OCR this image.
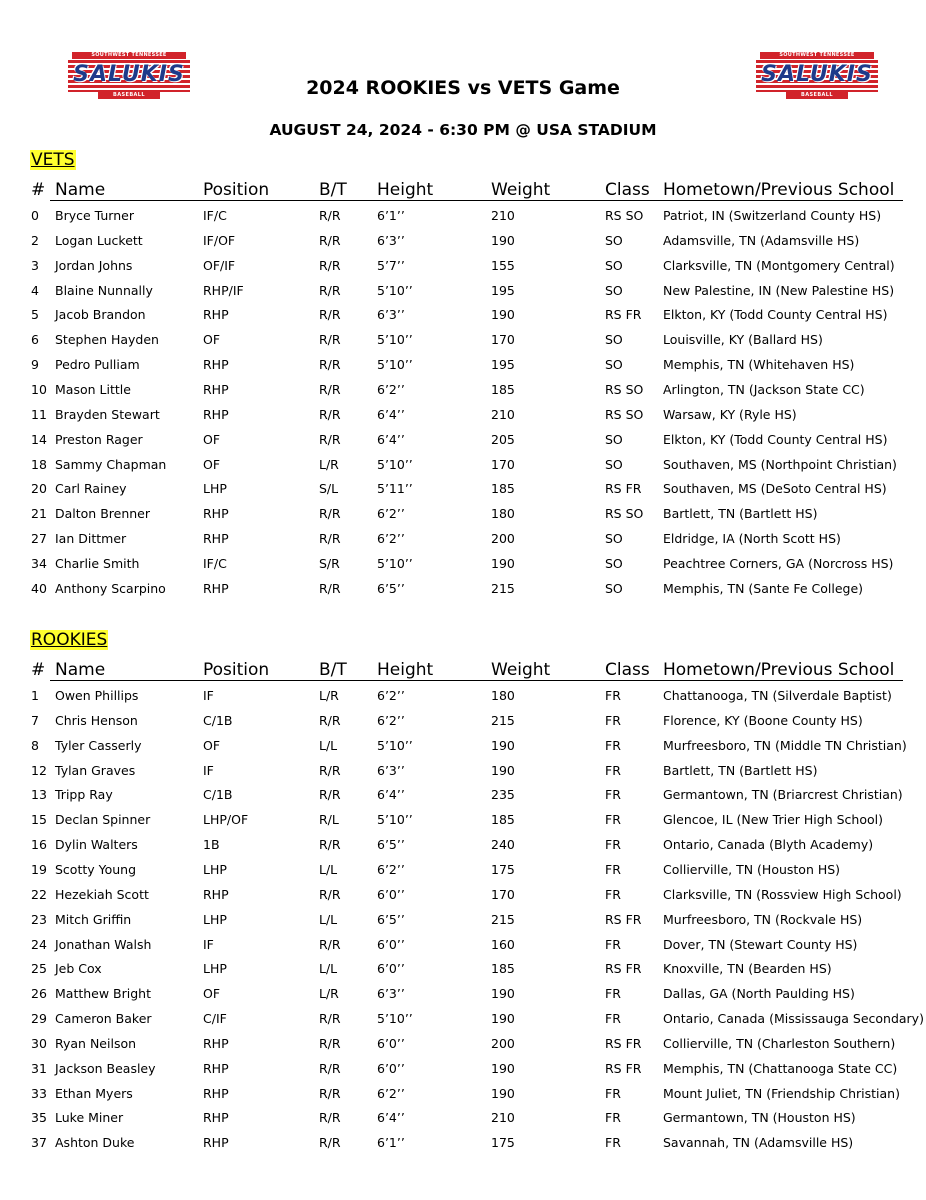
SOUTHWEST TENNESSEE
SALUKIS
BASEBALL
SOUTHWEST TENNESSEE
SALUKIS
BASEBALL
2024 ROOKIES vs VETS Game
AUGUST 24, 2024 - 6:30 PM @ USA STADIUM
VETS
# Name	Position	B/T Height	Weight	Class Hometown/Previous School
0 Bryce Turner	IF/C	R/R	6’1’’	210	RS SO Patriot, IN (Switzerland County HS)
2 Logan Luckett	IF/OF	R/R	6’3’’	190	SO	Adamsville, TN (Adamsville HS)
3 Jordan Johns	OF/IF	R/R	5’7’’	155	SO	Clarksville, TN (Montgomery Central)
4 Blaine Nunnally	RHP/IF	R/R	5’10’’	195	SO	New Palestine, IN (New Palestine HS)
5 Jacob Brandon	RHP	R/R	6’3’’	190	RS FR Elkton, KY (Todd County Central HS)
6 Stephen Hayden	OF	R/R	5’10’’	170	SO	Louisville, KY (Ballard HS)
9 Pedro Pulliam	RHP	R/R	5’10’’	195	SO	Memphis, TN (Whitehaven HS)
10 Mason Little	RHP	R/R	6’2’’	185	RS SO Arlington, TN (Jackson State CC)
11 Brayden Stewart	RHP	R/R	6’4’’	210	RS SO Warsaw, KY (Ryle HS)
14 Preston Rager	OF	R/R	6’4’’	205	SO	Elkton, KY (Todd County Central HS)
18 Sammy Chapman	OF	L/R	5’10’’	170	SO	Southaven, MS (Northpoint Christian)
20 Carl Rainey	LHP	S/L	5’11’’	185	RS FR Southaven, MS (DeSoto Central HS)
21 Dalton Brenner	RHP	R/R	6’2’’	180	RS SO Bartlett, TN (Bartlett HS)
27 Ian Dittmer	RHP	R/R	6’2’’	200	SO	Eldridge, IA (North Scott HS)
34 Charlie Smith	IF/C	S/R	5’10’’	190	SO	Peachtree Corners, GA (Norcross HS)
40 Anthony Scarpino	RHP	R/R	6’5’’	215	SO	Memphis, TN (Sante Fe College)
ROOKIES
# Name	Position	B/T Height	Weight	Class Hometown/Previous School
1 Owen Phillips	IF	L/R	6’2’’	180	FR	Chattanooga, TN (Silverdale Baptist)
7 Chris Henson	C/1B	R/R	6’2’’	215	FR	Florence, KY (Boone County HS)
8 Tyler Casserly	OF	L/L	5’10’’	190	FR	Murfreesboro, TN (Middle TN Christian)
12 Tylan Graves	IF	R/R	6’3’’	190	FR	Bartlett, TN (Bartlett HS)
13 Tripp Ray	C/1B	R/R	6’4’’	235	FR	Germantown, TN (Briarcrest Christian)
15 Declan Spinner	LHP/OF	R/L	5’10’’	185	FR	Glencoe, IL (New Trier High School)
16 Dylin Walters	1B	R/R	6’5’’	240	FR	Ontario, Canada (Blyth Academy)
19 Scotty Young	LHP	L/L	6’2’’	175	FR	Collierville, TN (Houston HS)
22 Hezekiah Scott	RHP	R/R	6’0’’	170	FR	Clarksville, TN (Rossview High School)
23 Mitch Griffin	LHP	L/L	6’5’’	215	RS FR Murfreesboro, TN (Rockvale HS)
24 Jonathan Walsh	IF	R/R	6’0’’	160	FR	Dover, TN (Stewart County HS)
25 Jeb Cox	LHP	L/L	6’0’’	185	RS FR Knoxville, TN (Bearden HS)
26 Matthew Bright	OF	L/R	6’3’’	190	FR	Dallas, GA (North Paulding HS)
29 Cameron Baker	C/IF	R/R	5’10’’	190	FR	Ontario, Canada (Mississauga Secondary)
30 Ryan Neilson	RHP	R/R	6’0’’	200	RS FR Collierville, TN (Charleston Southern)
31 Jackson Beasley	RHP	R/R	6’0’’	190	RS FR Memphis, TN (Chattanooga State CC)
33 Ethan Myers	RHP	R/R	6’2’’	190	FR	Mount Juliet, TN (Friendship Christian)
35 Luke Miner	RHP	R/R	6’4’’	210	FR	Germantown, TN (Houston HS)
37 Ashton Duke	RHP	R/R	6’1’’	175	FR	Savannah, TN (Adamsville HS)
